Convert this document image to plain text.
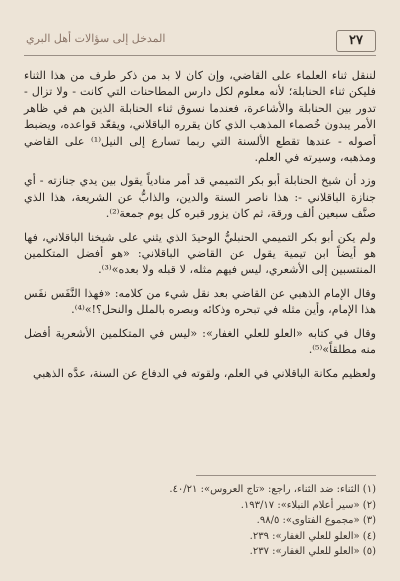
٢٧
المدخل إلى سؤالات أهل البري

لننقل ثناء العلماء على القاضي، وإن كان لا بد من ذكر طرف من هذا الثناء فليكن ثناء الحنابلة؛ لأنه معلوم لكل دارس المطاحنات التي كانت - ولا تزال - تدور بين الحنابلة والأشاعرة، فعندما نسوق ثناء الحنابلة الذين هم في ظاهر الأمر يبدون خُصماء المذهب الذي كان يقرره الباقلاني، ويقعّد قواعده، ويضبط أصوله - عندها تقطع الألسنة التي ربما تسارع إلى النيل⁽¹⁾ على القاضي ومذهبه، وسيرته في العلم.

وزد أن شيخ الحنابلة أبو بكر التميمي قد أمر منادياً يقول بين يدي جنازته - أي جنازة الباقلاني -: هذا ناصر السنة والدين، والذابُّ عن الشريعة، هذا الذي صنَّف سبعين ألف ورقة، ثم كان يزور قبره كل يوم جمعة⁽²⁾.

ولم يكن أبو بكر التميمي الحنبليُّ الوحيدَ الذي يثني على شيخنا الباقلاني، فها هو أيضاً ابن تيمية يقول عن القاضي الباقلاني: «هو أفضل المتكلمين المنتسبين إلى الأشعري، ليس فيهم مثله، لا قبله ولا بعده»⁽³⁾.

وقال الإمام الذهبي عن القاضي بعد نقل شيء من كلامه: «فهذا النَّفَس نفَس هذا الإمام، وأين مثله في تبحره وذكائه وبصره بالملل والنحل؟!»⁽⁴⁾.

وقال في كتابه «العلو للعلي الغفار»: «ليس في المتكلمين الأشعرية أفضل منه مطلقاً»⁽⁵⁾.

ولعظيم مكانة الباقلاني في العلم، ولقوته في الدفاع عن السنة، عدَّه الذهبي

(١) الثناء: ضد الثناء، راجع: «تاج العروس»: ٤٠/٢١.
(٢) «سير أعلام النبلاء»: ١٩٣/١٧.
(٣) «مجموع الفتاوى»: ٩٨/٥.
(٤) «العلو للعلي الغفار»: ٢٣٩.
(٥) «العلو للعلي الغفار»: ٢٣٧.
